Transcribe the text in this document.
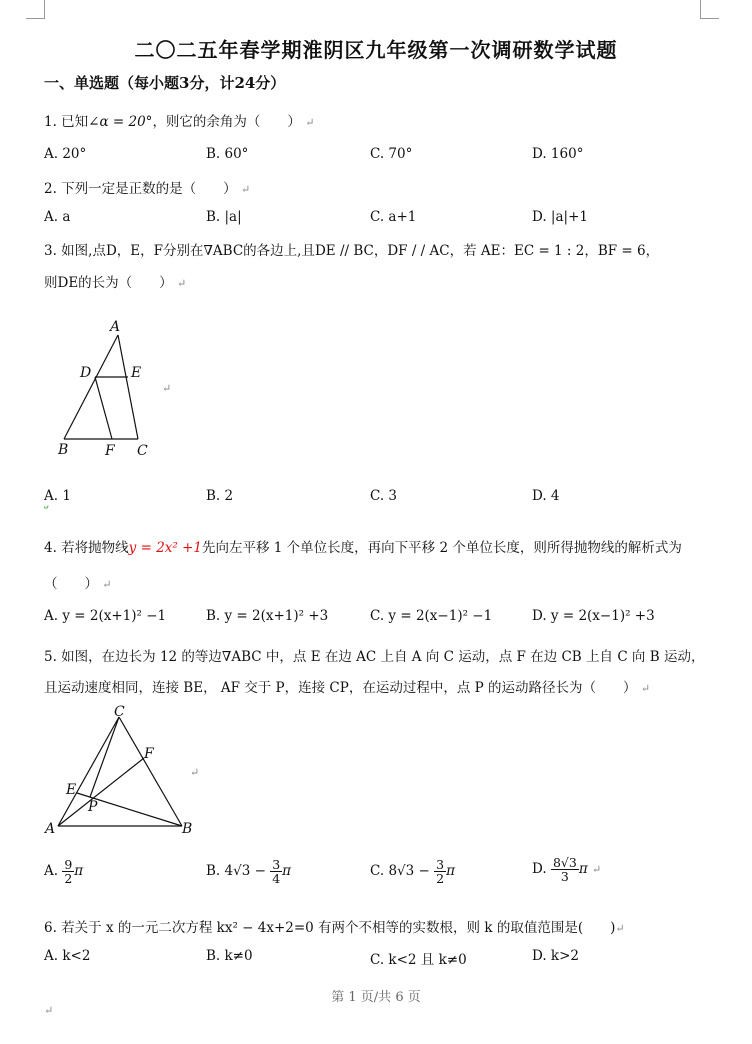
二〇二五年春学期淮阴区九年级第一次调研数学试题
一、单选题（每小题3分，计24分）
1. 已知∠α = 20°，则它的余角为（　　） ↵
A. 20°	B. 60°	C. 70°	D. 160°
2. 下列一定是正数的是（　　） ↵
A. a	B. |a|	C. a+1	D. |a|+1
3. 如图,点D，E，F分别在∇ABC的各边上,且DE // BC，DF / / AC，若 AE：EC = 1 : 2，BF = 6，
则DE的长为（　　） ↵
A
D	E
B	F C
↵
A. 1	B. 2	C. 3	D. 4

4. 若将抛物线y = 2x² +1先向左平移 1 个单位长度，再向下平移 2 个单位长度，则所得抛物线的解析式为
（　　） ↵
A. y = 2(x+1)² −1	B. y = 2(x+1)² +3	C. y = 2(x−1)² −1	D. y = 2(x−1)² +3
5. 如图，在边长为 12 的等边∇ABC 中，点 E 在边 AC 上自 A 向 C 运动，点 F 在边 CB 上自 C 向 B 运动，
且运动速度相同，连接 BE， AF 交于 P，连接 CP，在运动过程中，点 P 的运动路径长为（　　） ↵
C
F
E
P
A	B
↵
A. $\frac{9}{2}$ π	B. $4√3 - \frac{3}{4}$ π	C. $8√3 - \frac{3}{2}$ π	D. $\frac{8√3}{3}$ π ↵
6. 若关于 x 的一元二次方程 kx² − 4x+2=0 有两个不相等的实数根，则 k 的取值范围是(　　)↵
A. k<2	B. k≠0	C. k<2 且 k≠0	D. k>2
第 1 页/共 6 页
↵
